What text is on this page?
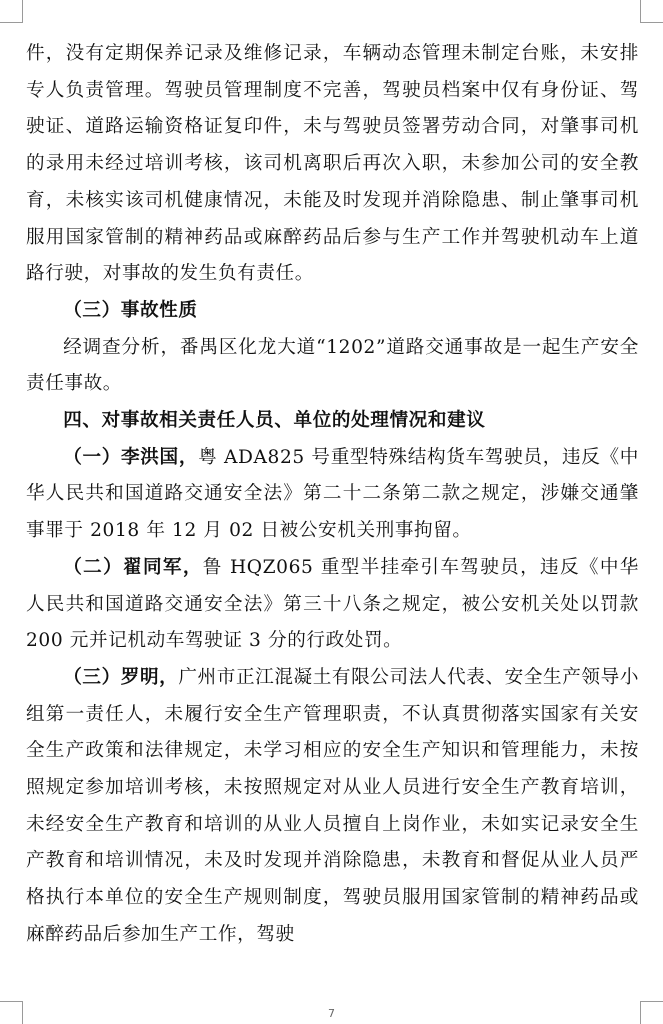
件，没有定期保养记录及维修记录，车辆动态管理未制定台账，未安排专人负责管理。驾驶员管理制度不完善，驾驶员档案中仅有身份证、驾驶证、道路运输资格证复印件，未与驾驶员签署劳动合同，对肇事司机的录用未经过培训考核，该司机离职后再次入职，未参加公司的安全教育，未核实该司机健康情况，未能及时发现并消除隐患、制止肇事司机服用国家管制的精神药品或麻醉药品后参与生产工作并驾驶机动车上道路行驶，对事故的发生负有责任。

（三）事故性质

经调查分析，番禺区化龙大道“1202”道路交通事故是一起生产安全责任事故。

四、对事故相关责任人员、单位的处理情况和建议

（一）李洪国，粤 ADA825 号重型特殊结构货车驾驶员，违反《中华人民共和国道路交通安全法》第二十二条第二款之规定，涉嫌交通肇事罪于 2018 年 12 月 02 日被公安机关刑事拘留。

（二）翟同军，鲁 HQZ065 重型半挂牵引车驾驶员，违反《中华人民共和国道路交通安全法》第三十八条之规定，被公安机关处以罚款 200 元并记机动车驾驶证 3 分的行政处罚。

（三）罗明，广州市正江混凝土有限公司法人代表、安全生产领导小组第一责任人，未履行安全生产管理职责，不认真贯彻落实国家有关安全生产政策和法律规定，未学习相应的安全生产知识和管理能力，未按照规定参加培训考核，未按照规定对从业人员进行安全生产教育培训，未经安全生产教育和培训的从业人员擅自上岗作业，未如实记录安全生产教育和培训情况，未及时发现并消除隐患，未教育和督促从业人员严格执行本单位的安全生产规则制度，驾驶员服用国家管制的精神药品或麻醉药品后参加生产工作，驾驶

7
